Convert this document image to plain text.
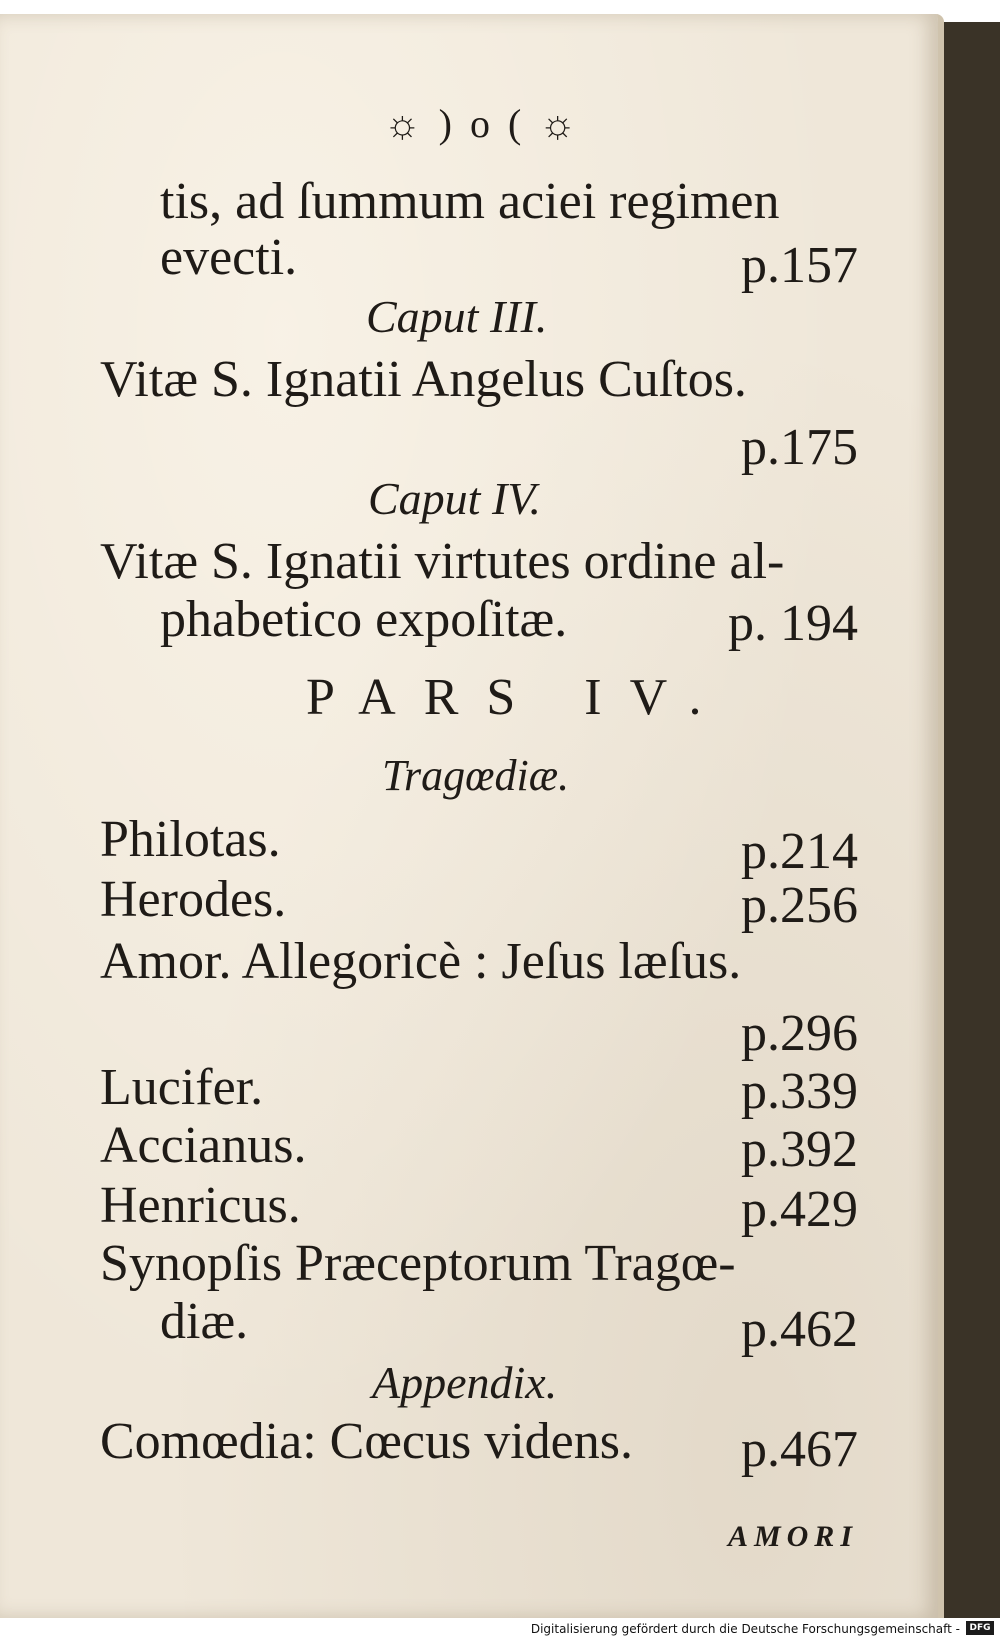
☼ ) o ( ☼
tis, ad ſummum aciei regimen
evecti.	p.157
Caput III.
Vitæ S. Ignatii Angelus Cuſtos.
p.175
Caput IV.
Vitæ S. Ignatii virtutes ordine al-
phabetico expoſitæ.	p. 194
PARS IV.
Tragœdiæ.
Philotas.	p.214
Herodes.	p.256
Amor. Allegoricè : Jeſus læſus.
p.296
Lucifer.	p.339
Accianus.	p.392
Henricus.	p.429
Synopſis Præceptorum Tragœ-
diæ.	p.462
Appendix.
Comœdia: Cœcus videns. p.467
AMORI
Digitalisierung gefördert durch die Deutsche Forschungsgemeinschaft -	DFG
